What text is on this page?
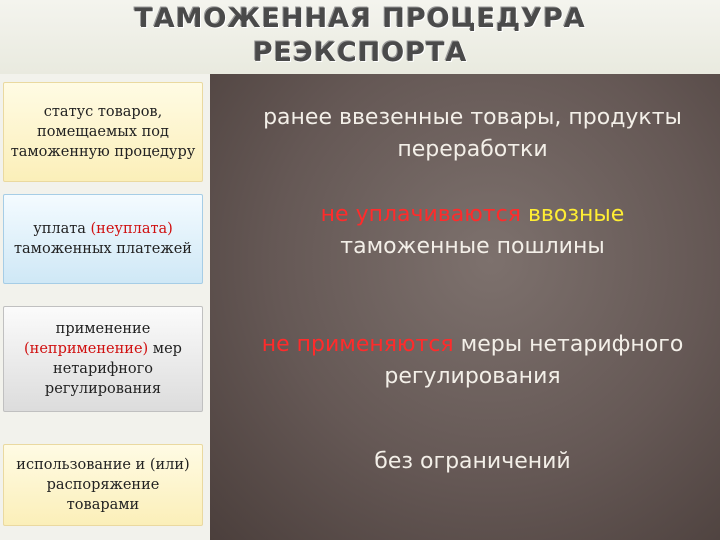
ТАМОЖЕННАЯ ПРОЦЕДУРА
РЕЭКСПОРТА
статус товаров, помещаемых под таможенную процедуру
уплата (неуплата) таможенных платежей
применение (неприменение) мер нетарифного регулирования
использование и (или) распоряжение товарами
ранее ввезенные товары, продукты переработки
не уплачиваются ввозные
таможенные пошлины
не применяются меры нетарифного регулирования
без ограничений
